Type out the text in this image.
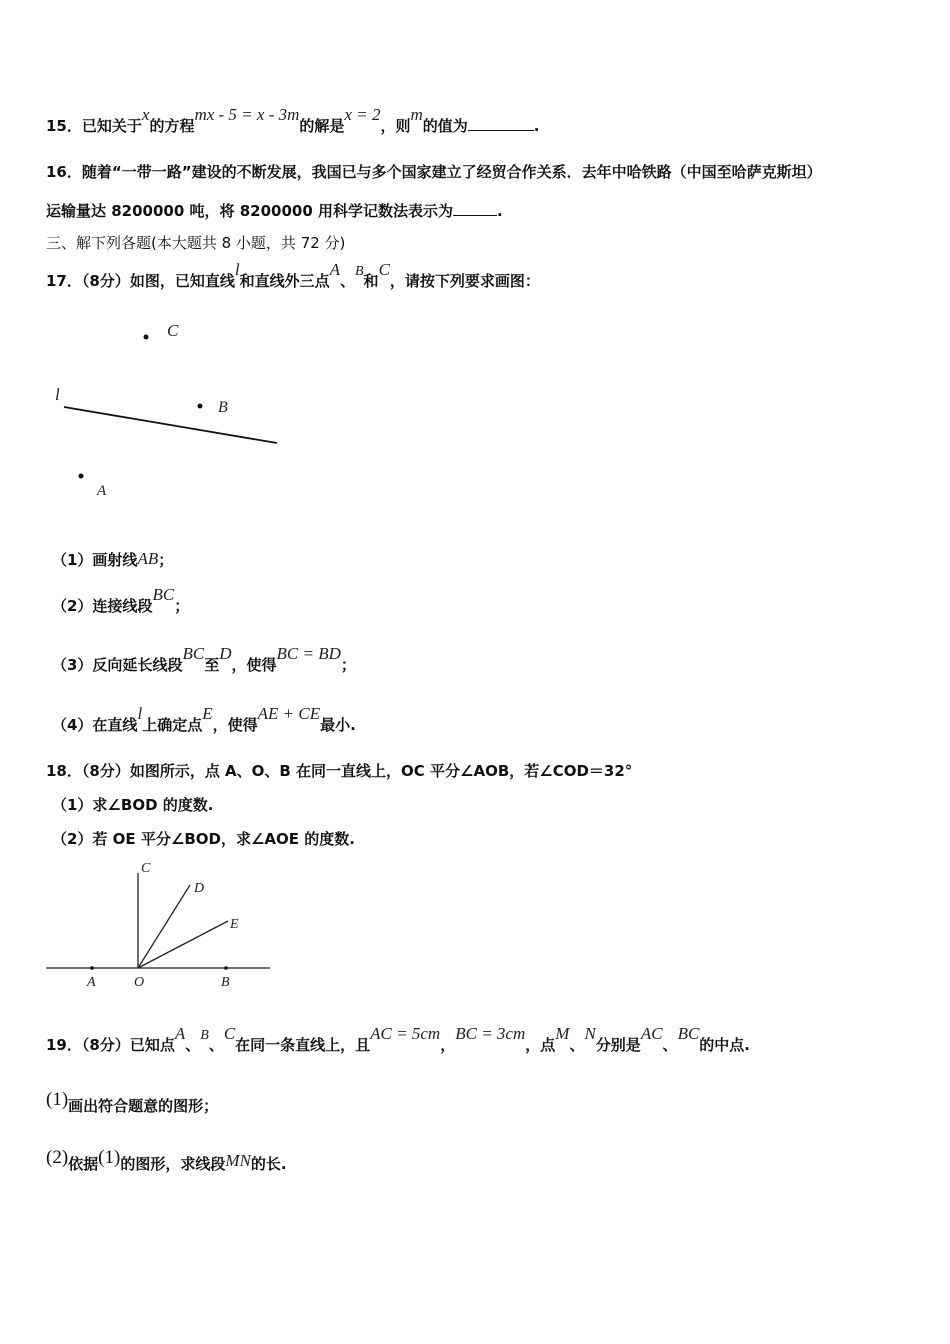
15．已知关于x的方程mx - 5 = x - 3m的解是x = 2，则m的值为	.
16．随着“一带一路”建设的不断发展，我国已与多个国家建立了经贸合作关系．去年中哈铁路（中国至哈萨克斯坦）
运输量达 8200000 吨，将 8200000 用科学记数法表示为	.
三、解下列各题(本大题共 8 小题，共 72 分)
17．（8分）如图，已知直线l和直线外三点A、B和C，请按下列要求画图：
C
l
B
A
（1）画射线AB；
（2）连接线段BC；
（3）反向延长线段BC至D，使得BC = BD；
（4）在直线l上确定点E，使得AE + CE最小.
18．（8分）如图所示，点 A、O、B 在同一直线上，OC 平分∠AOB，若∠COD＝32°
（1）求∠BOD 的度数.
（2）若 OE 平分∠BOD，求∠AOE 的度数.
C
D
E
A	O	B
19．（8分）已知点A、B、C在同一条直线上，且AC = 5cm，BC = 3cm，点M、N分别是AC、BC的中点.
(1)画出符合题意的图形；
(2)依据(1)的图形，求线段MN的长.
